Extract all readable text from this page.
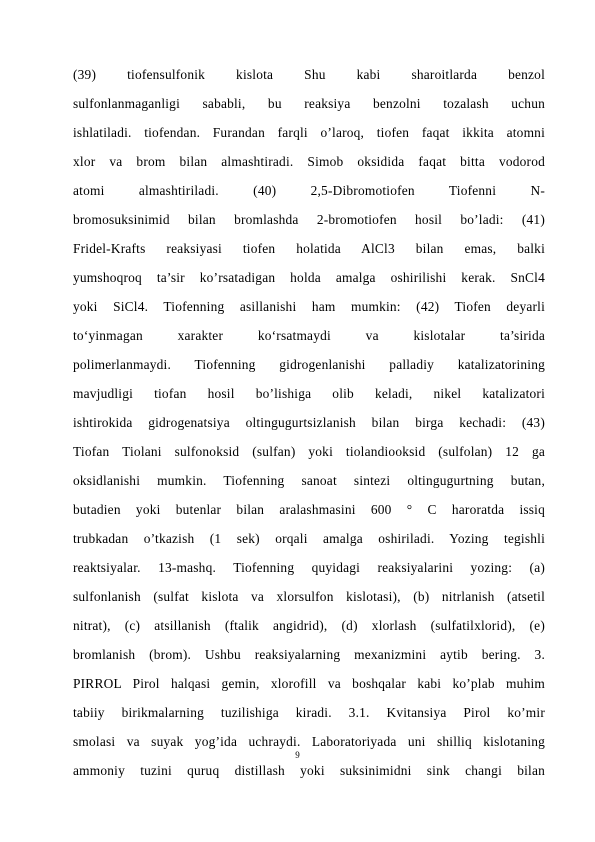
(39) tiofensulfonik kislota Shu kabi sharoitlarda benzol
sulfonlanmaganligi sababli, bu reaksiya benzolni tozalash uchun
ishlatiladi. tiofendan. Furandan farqli o’laroq, tiofen faqat ikkita atomni
xlor va brom bilan almashtiradi. Simob oksidida faqat bitta vodorod
atomi almashtiriladi. (40) 2,5-Dibromotiofen Tiofenni N-
bromosuksinimid bilan bromlashda 2-bromotiofen hosil bo’ladi: (41)
Fridel-Krafts reaksiyasi tiofen holatida AlCl3 bilan emas, balki
yumshoqroq ta’sir ko’rsatadigan holda amalga oshirilishi kerak. SnCl4
yoki SiCl4. Tiofenning asillanishi ham mumkin: (42) Tiofen deyarli
to‘yinmagan xarakter ko‘rsatmaydi va kislotalar ta’sirida
polimerlanmaydi. Tiofenning gidrogenlanishi palladiy katalizatorining
mavjudligi tiofan hosil bo’lishiga olib keladi, nikel katalizatori
ishtirokida gidrogenatsiya oltingugurtsizlanish bilan birga kechadi: (43)
Tiofan Tiolani sulfonoksid (sulfan) yoki tiolandiooksid (sulfolan) 12 ga
oksidlanishi mumkin. Tiofenning sanoat sintezi oltingugurtning butan,
butadien yoki butenlar bilan aralashmasini 600 ° C haroratda issiq
trubkadan o’tkazish (1 sek) orqali amalga oshiriladi. Yozing tegishli
reaktsiyalar. 13-mashq. Tiofenning quyidagi reaksiyalarini yozing: (a)
sulfonlanish (sulfat kislota va xlorsulfon kislotasi), (b) nitrlanish (atsetil
nitrat), (c) atsillanish (ftalik angidrid), (d) xlorlash (sulfatilxlorid), (e)
bromlanish (brom). Ushbu reaksiyalarning mexanizmini aytib bering. 3.
PIRROL Pirol halqasi gemin, xlorofill va boshqalar kabi ko’plab muhim
tabiiy birikmalarning tuzilishiga kiradi. 3.1. Kvitansiya Pirol ko’mir
smolasi va suyak yog’ida uchraydi. Laboratoriyada uni shilliq kislotaning
ammoniy tuzini quruq distillash yoki suksinimidni sink changi bilan
9
